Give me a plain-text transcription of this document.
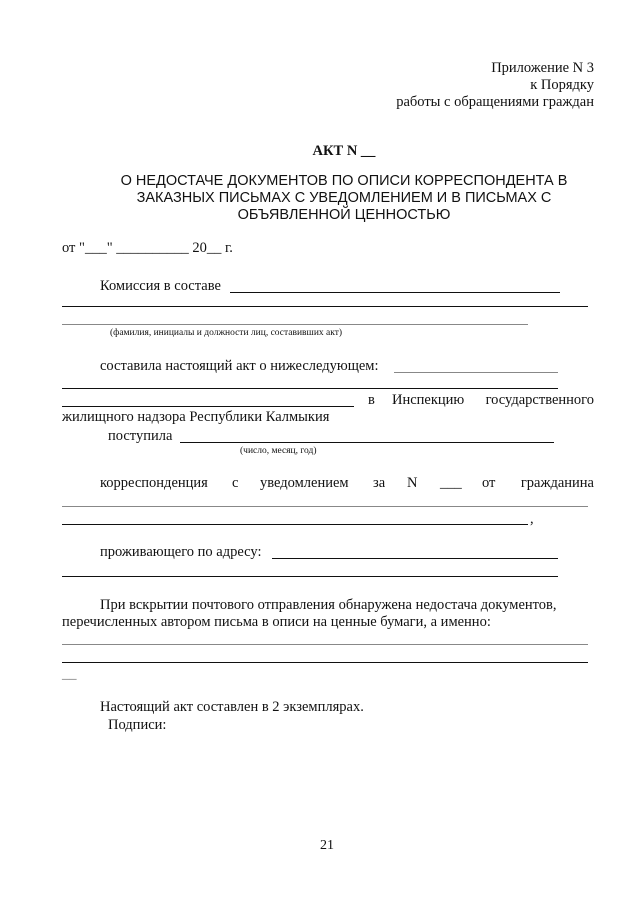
Приложение N 3
к Порядку
работы с обращениями граждан
АКТ N __
О НЕДОСТАЧЕ ДОКУМЕНТОВ ПО ОПИСИ КОРРЕСПОНДЕНТА В
ЗАКАЗНЫХ ПИСЬМАХ С УВЕДОМЛЕНИЕМ И В ПИСЬМАХ С
ОБЪЯВЛЕННОЙ ЦЕННОСТЬЮ
от "___" __________ 20__ г.
Комиссия в составе
(фамилия, инициалы и должности лиц, составивших акт)
составила настоящий акт о нижеследующем:
в Инспекцию государственного
жилищного надзора Республики Калмыкия
поступила
(число, месяц, год)
корреспонденция с уведомлением за N ___ от гражданина
,
проживающего по адресу:
При вскрытии почтового отправления обнаружена недостача документов,
перечисленных автором письма в описи на ценные бумаги, а именно:
__
Настоящий акт составлен в 2 экземплярах.
Подписи:
21
